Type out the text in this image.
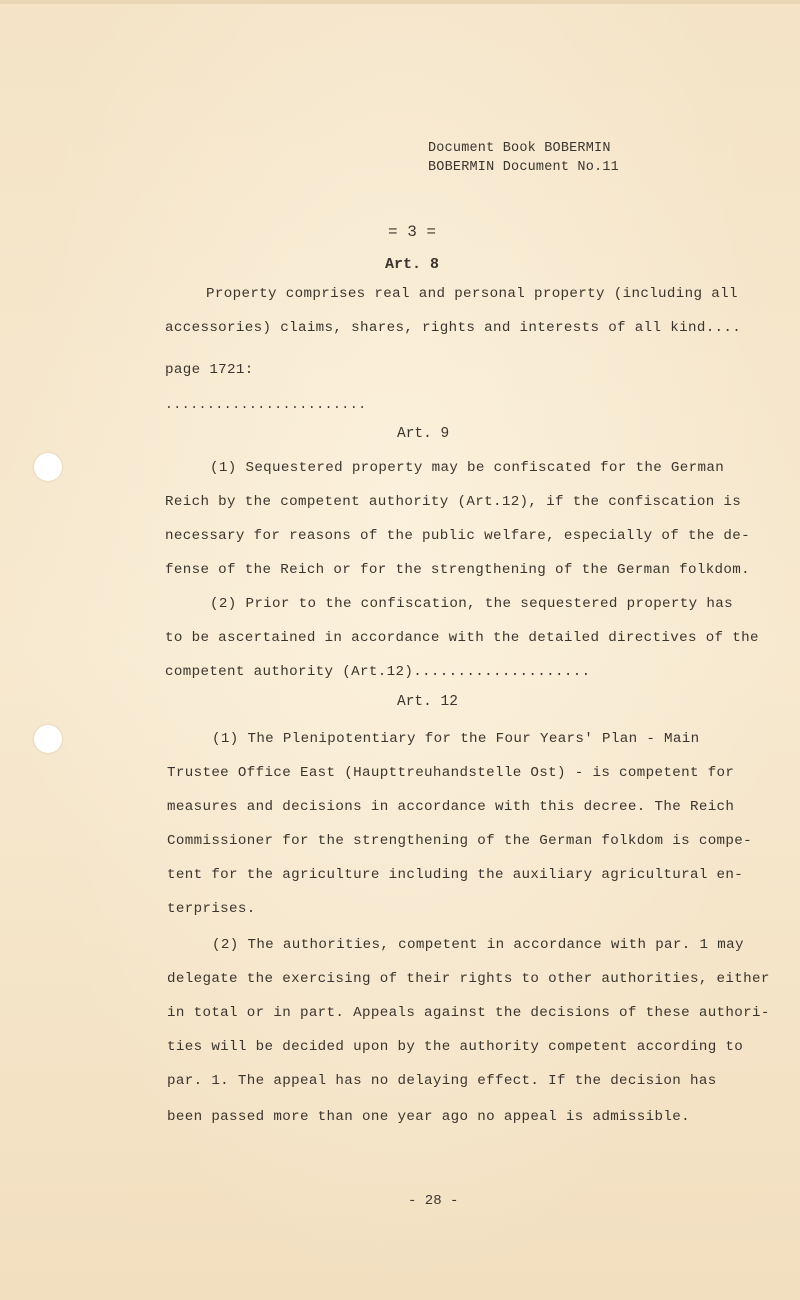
Document Book BOBERMIN
BOBERMIN Document No.11
= 3 =
Art. 8
Property comprises real and personal property (including all
accessories) claims, shares, rights and interests of all kind....
page 1721:
........................
Art. 9
(1) Sequestered property may be confiscated for the German
Reich by the competent authority (Art.12), if the confiscation is
necessary for reasons of the public welfare, especially of the de-
fense of the Reich or for the strengthening of the German folkdom.
(2) Prior to the confiscation, the sequestered property has
to be ascertained in accordance with the detailed directives of the
competent authority (Art.12)....................
Art. 12
(1) The Plenipotentiary for the Four Years' Plan - Main
Trustee Office East (Haupttreuhandstelle Ost) - is competent for
measures and decisions in accordance with this decree. The Reich
Commissioner for the strengthening of the German folkdom is compe-
tent for the agriculture including the auxiliary agricultural en-
terprises.
(2) The authorities, competent in accordance with par. 1 may
delegate the exercising of their rights to other authorities, either
in total or in part. Appeals against the decisions of these authori-
ties will be decided upon by the authority competent according to
par. 1. The appeal has no delaying effect. If the decision has
been passed more than one year ago no appeal is admissible.
- 28 -
